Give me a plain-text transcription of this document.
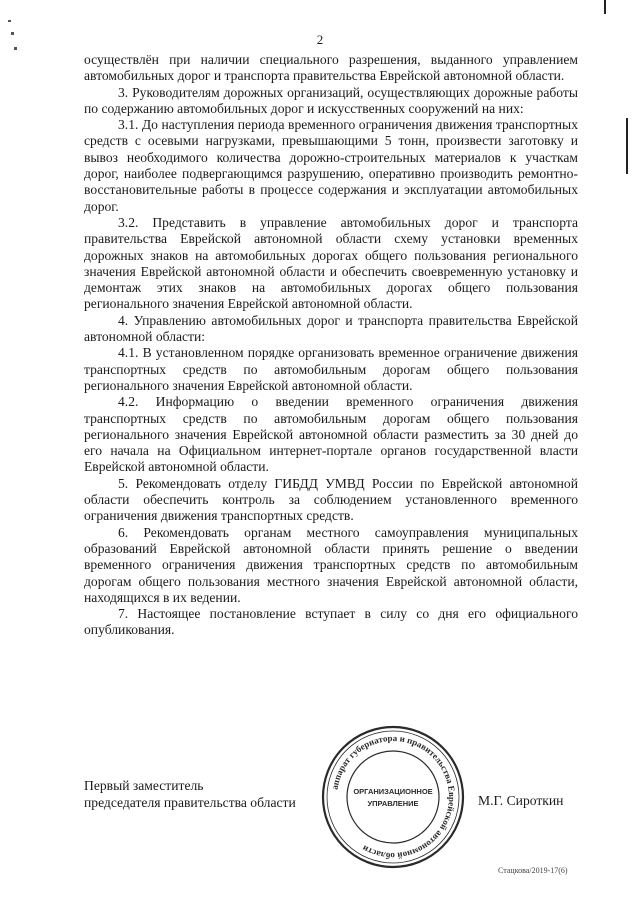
2

осуществлён при наличии специального разрешения, выданного управлением автомобильных дорог и транспорта правительства Еврейской автономной области.

3. Руководителям дорожных организаций, осуществляющих дорожные работы по содержанию автомобильных дорог и искусственных сооружений на них:

3.1. До наступления периода временного ограничения движения транспортных средств с осевыми нагрузками, превышающими 5 тонн, произвести заготовку и вывоз необходимого количества дорожно-строительных материалов к участкам дорог, наиболее подвергающимся разрушению, оперативно производить ремонтно-восстановительные работы в процессе содержания и эксплуатации автомобильных дорог.

3.2. Представить в управление автомобильных дорог и транспорта правительства Еврейской автономной области схему установки временных дорожных знаков на автомобильных дорогах общего пользования регионального значения Еврейской автономной области и обеспечить своевременную установку и демонтаж этих знаков на автомобильных дорогах общего пользования регионального значения Еврейской автономной области.

4. Управлению автомобильных дорог и транспорта правительства Еврейской автономной области:

4.1. В установленном порядке организовать временное ограничение движения транспортных средств по автомобильным дорогам общего пользования регионального значения Еврейской автономной области.

4.2. Информацию о введении временного ограничения движения транспортных средств по автомобильным дорогам общего пользования регионального значения Еврейской автономной области разместить за 30 дней до его начала на Официальном интернет-портале органов государственной власти Еврейской автономной области.

5. Рекомендовать отделу ГИБДД УМВД России по Еврейской автономной области обеспечить контроль за соблюдением установленного временного ограничения движения транспортных средств.

6. Рекомендовать органам местного самоуправления муниципальных образований Еврейской автономной области принять решение о введении временного ограничения движения транспортных средств по автомобильным дорогам общего пользования местного значения Еврейской автономной области, находящихся в их ведении.

7. Настоящее постановление вступает в силу со дня его официального опубликования.

Первый заместитель
председателя правительства области
аппарат губернатора и правительства Еврейской автономной области
ОРГАНИЗАЦИОННОЕ
УПРАВЛЕНИЕ	М.Г. Сироткин
Стацкова/2019-17(6)
